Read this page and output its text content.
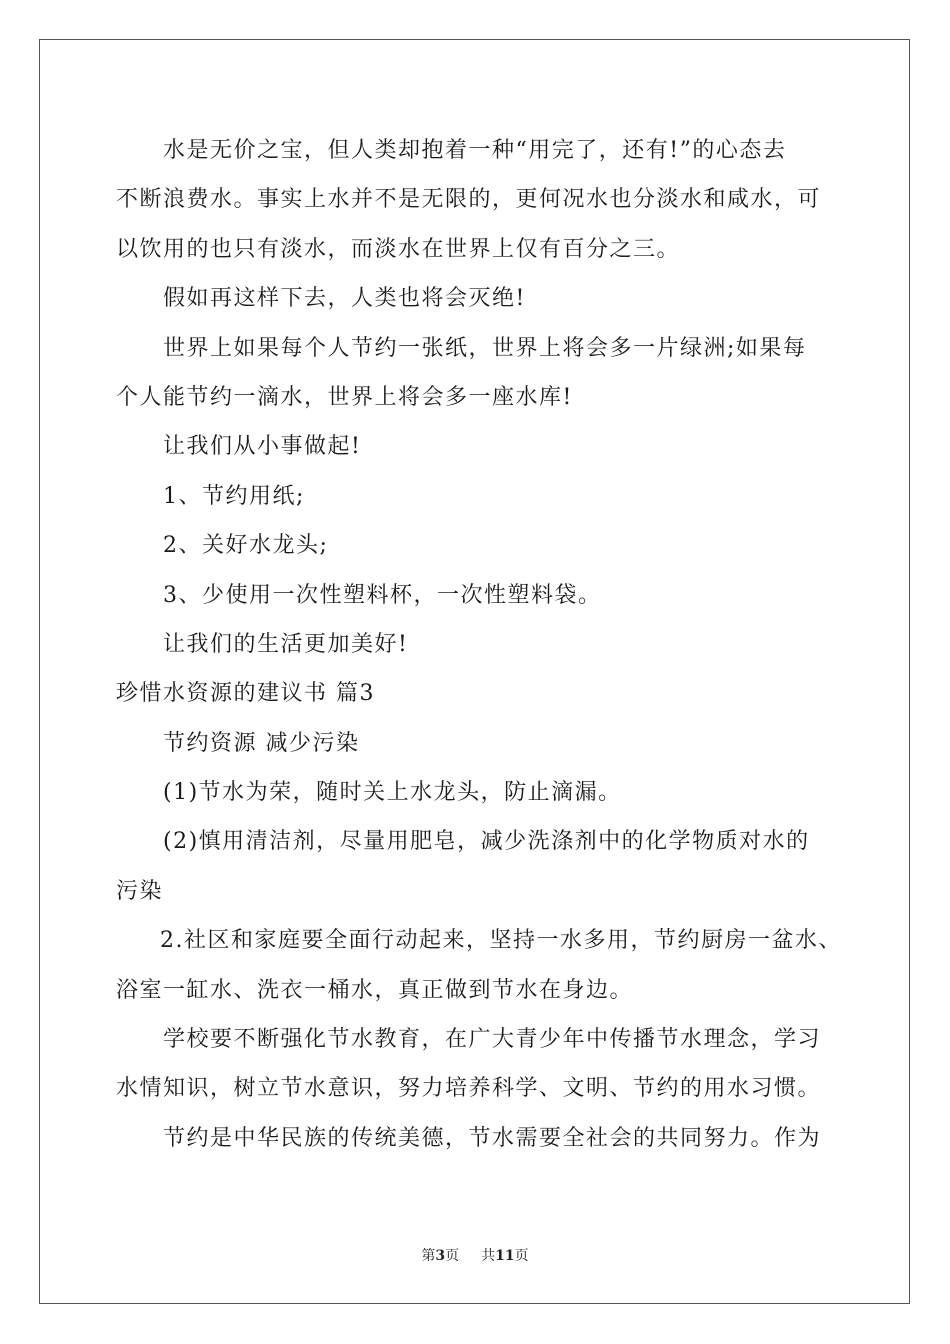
水是无价之宝，但人类却抱着一种“用完了，还有!”的心态去
不断浪费水。事实上水并不是无限的，更何况水也分淡水和咸水，可
以饮用的也只有淡水，而淡水在世界上仅有百分之三。
假如再这样下去，人类也将会灭绝!
世界上如果每个人节约一张纸，世界上将会多一片绿洲;如果每
个人能节约一滴水，世界上将会多一座水库!
让我们从小事做起!
1、节约用纸;
2、关好水龙头;
3、少使用一次性塑料杯，一次性塑料袋。
让我们的生活更加美好!
珍惜水资源的建议书 篇3
节约资源 减少污染
(1)节水为荣，随时关上水龙头，防止滴漏。
(2)慎用清洁剂，尽量用肥皂，减少洗涤剂中的化学物质对水的
污染
2.社区和家庭要全面行动起来，坚持一水多用，节约厨房一盆水、
浴室一缸水、洗衣一桶水，真正做到节水在身边。
学校要不断强化节水教育，在广大青少年中传播节水理念，学习
水情知识，树立节水意识，努力培养科学、文明、节约的用水习惯。
节约是中华民族的传统美德，节水需要全社会的共同努力。作为
第3页 共11页
